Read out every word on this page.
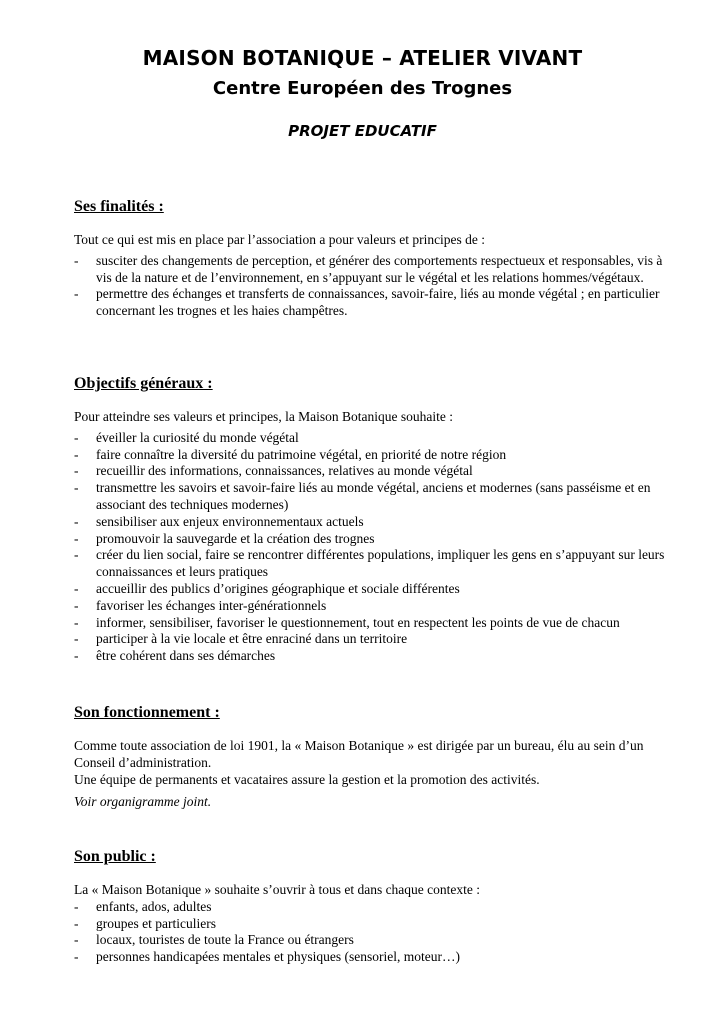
MAISON BOTANIQUE – ATELIER VIVANT
Centre Européen des Trognes
PROJET EDUCATIF
Ses finalités :

Tout ce qui est mis en place par l’association a pour valeurs et principes de :

- susciter des changements de perception, et générer des comportements respectueux et responsables, vis à vis de la nature et de l’environnement, en s’appuyant sur le végétal et les relations hommes/végétaux.
- permettre des échanges et transferts de connaissances, savoir-faire, liés au monde végétal ; en particulier concernant les trognes et les haies champêtres.
Objectifs généraux :

Pour atteindre ses valeurs et principes, la Maison Botanique souhaite :

- éveiller la curiosité du monde végétal
- faire connaître la diversité du patrimoine végétal, en priorité de notre région
- recueillir des informations, connaissances, relatives au monde végétal
- transmettre les savoirs et savoir-faire liés au monde végétal, anciens et modernes (sans passéisme et en associant des techniques modernes)
- sensibiliser aux enjeux environnementaux actuels
- promouvoir la sauvegarde et la création des trognes
- créer du lien social, faire se rencontrer différentes populations, impliquer les gens en s’appuyant sur leurs connaissances et leurs pratiques
- accueillir des publics d’origines géographique et sociale différentes
- favoriser les échanges inter-générationnels
- informer, sensibiliser, favoriser le questionnement, tout en respectent les points de vue de chacun
- participer à la vie locale et être enraciné dans un territoire
- être cohérent dans ses démarches
Son fonctionnement :

Comme toute association de loi 1901, la « Maison Botanique » est dirigée par un bureau, élu au sein d’un Conseil d’administration.

Une équipe de permanents et vacataires assure la gestion et la promotion des activités.

Voir organigramme joint.

Son public :

La « Maison Botanique » souhaite s’ouvrir à tous et dans chaque contexte :

- enfants, ados, adultes
- groupes et particuliers
- locaux, touristes de toute la France ou étrangers
- personnes handicapées mentales et physiques (sensoriel, moteur…)
